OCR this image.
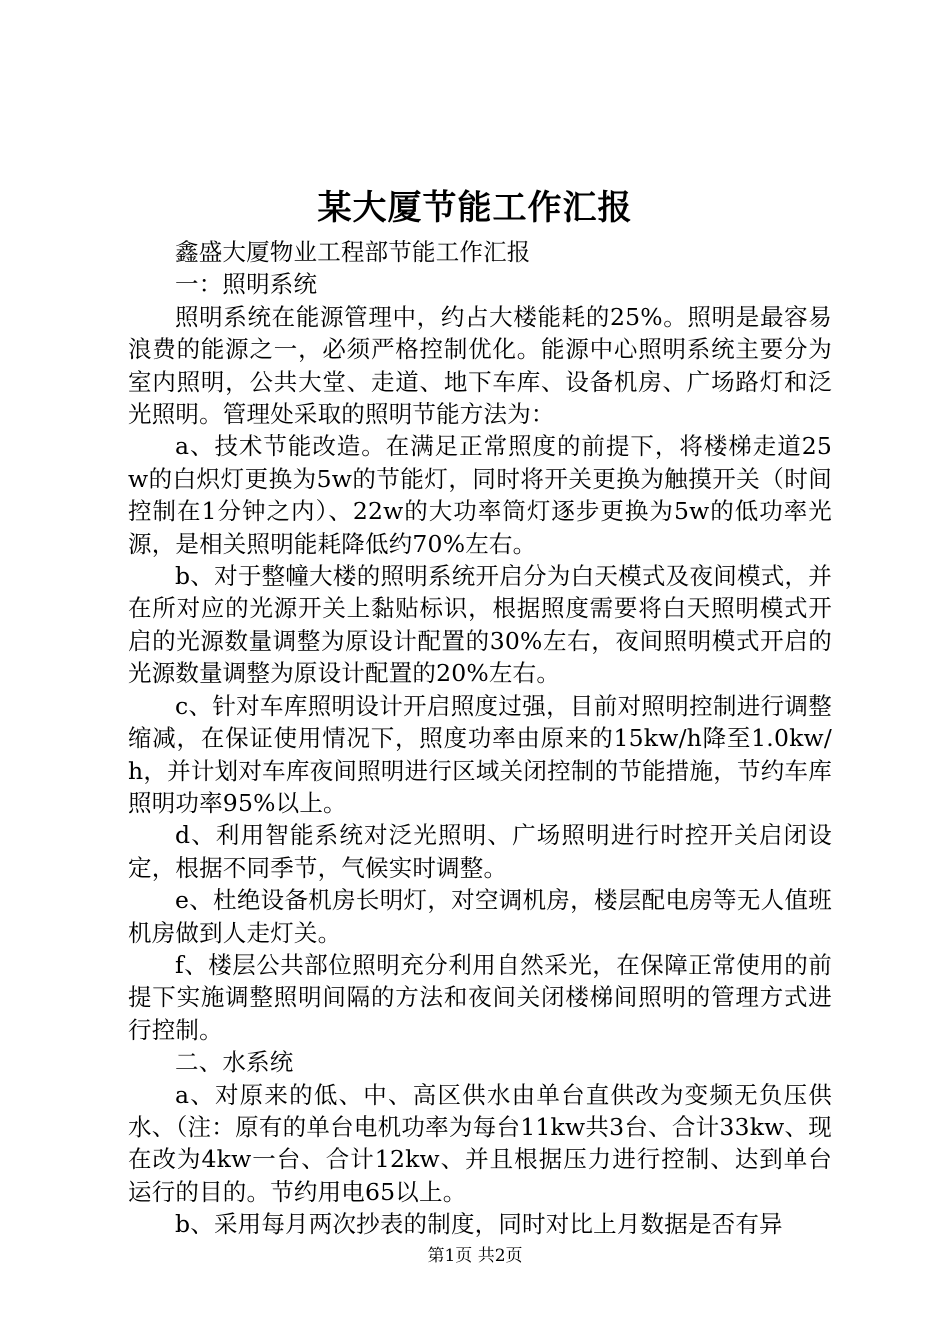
某大厦节能工作汇报

鑫盛大厦物业工程部节能工作汇报

一：照明系统

照明系统在能源管理中，约占大楼能耗的25%。照明是最容易浪费的能源之一，必须严格控制优化。能源中心照明系统主要分为室内照明，公共大堂、走道、地下车库、设备机房、广场路灯和泛光照明。管理处采取的照明节能方法为：

a、技术节能改造。在满足正常照度的前提下，将楼梯走道25w的白炽灯更换为5w的节能灯，同时将开关更换为触摸开关（时间控制在1分钟之内）、22w的大功率筒灯逐步更换为5w的低功率光源，是相关照明能耗降低约70%左右。

b、对于整幢大楼的照明系统开启分为白天模式及夜间模式，并在所对应的光源开关上黏贴标识，根据照度需要将白天照明模式开启的光源数量调整为原设计配置的30%左右，夜间照明模式开启的光源数量调整为原设计配置的20%左右。

c、针对车库照明设计开启照度过强，目前对照明控制进行调整缩减，在保证使用情况下，照度功率由原来的15kw/h降至1.0kw/h，并计划对车库夜间照明进行区域关闭控制的节能措施，节约车库照明功率95%以上。

d、利用智能系统对泛光照明、广场照明进行时控开关启闭设定，根据不同季节，气候实时调整。

e、杜绝设备机房长明灯，对空调机房，楼层配电房等无人值班机房做到人走灯关。

f、楼层公共部位照明充分利用自然采光，在保障正常使用的前提下实施调整照明间隔的方法和夜间关闭楼梯间照明的管理方式进行控制。

二、水系统

a、对原来的低、中、高区供水由单台直供改为变频无负压供水、（注：原有的单台电机功率为每台11kw共3台、合计33kw、现在改为4kw一台、合计12kw、并且根据压力进行控制、达到单台运行的目的。节约用电65以上。

b、采用每月两次抄表的制度，同时对比上月数据是否有异

第1页 共2页
